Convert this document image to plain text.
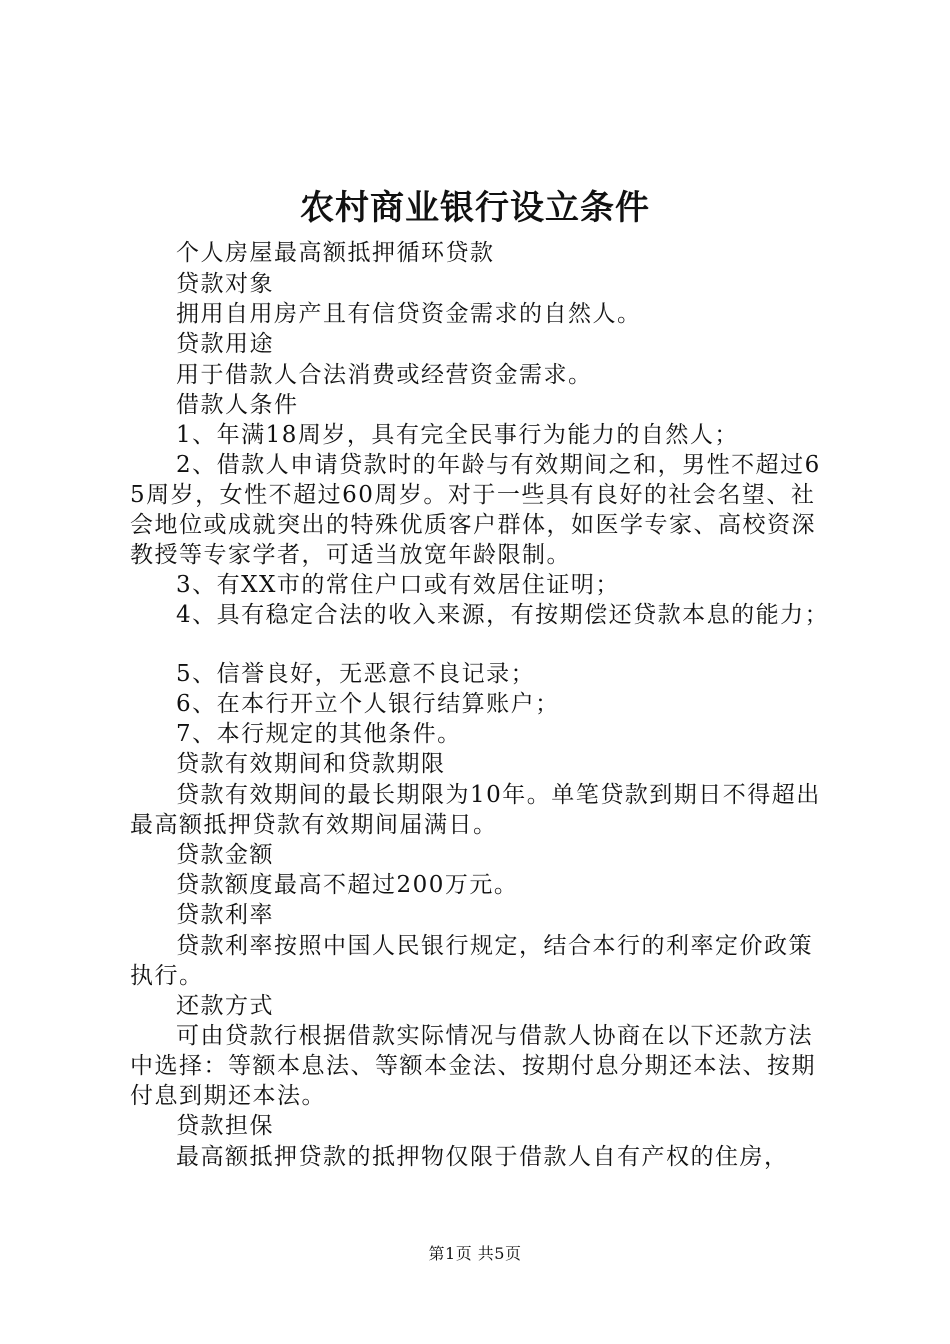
农村商业银行设立条件

个人房屋最高额抵押循环贷款

贷款对象

拥用自用房产且有信贷资金需求的自然人。

贷款用途

用于借款人合法消费或经营资金需求。

借款人条件

1、年满18周岁，具有完全民事行为能力的自然人；

2、借款人申请贷款时的年龄与有效期间之和，男性不超过65周岁，女性不超过60周岁。对于一些具有良好的社会名望、社会地位或成就突出的特殊优质客户群体，如医学专家、高校资深教授等专家学者，可适当放宽年龄限制。

3、有XX市的常住户口或有效居住证明；

4、具有稳定合法的收入来源，有按期偿还贷款本息的能力；

5、信誉良好，无恶意不良记录；

6、在本行开立个人银行结算账户；

7、本行规定的其他条件。

贷款有效期间和贷款期限

贷款有效期间的最长期限为10年。单笔贷款到期日不得超出最高额抵押贷款有效期间届满日。

贷款金额

贷款额度最高不超过200万元。

贷款利率

贷款利率按照中国人民银行规定，结合本行的利率定价政策执行。

还款方式

可由贷款行根据借款实际情况与借款人协商在以下还款方法中选择：等额本息法、等额本金法、按期付息分期还本法、按期付息到期还本法。

贷款担保

最高额抵押贷款的抵押物仅限于借款人自有产权的住房，

第1页 共5页
